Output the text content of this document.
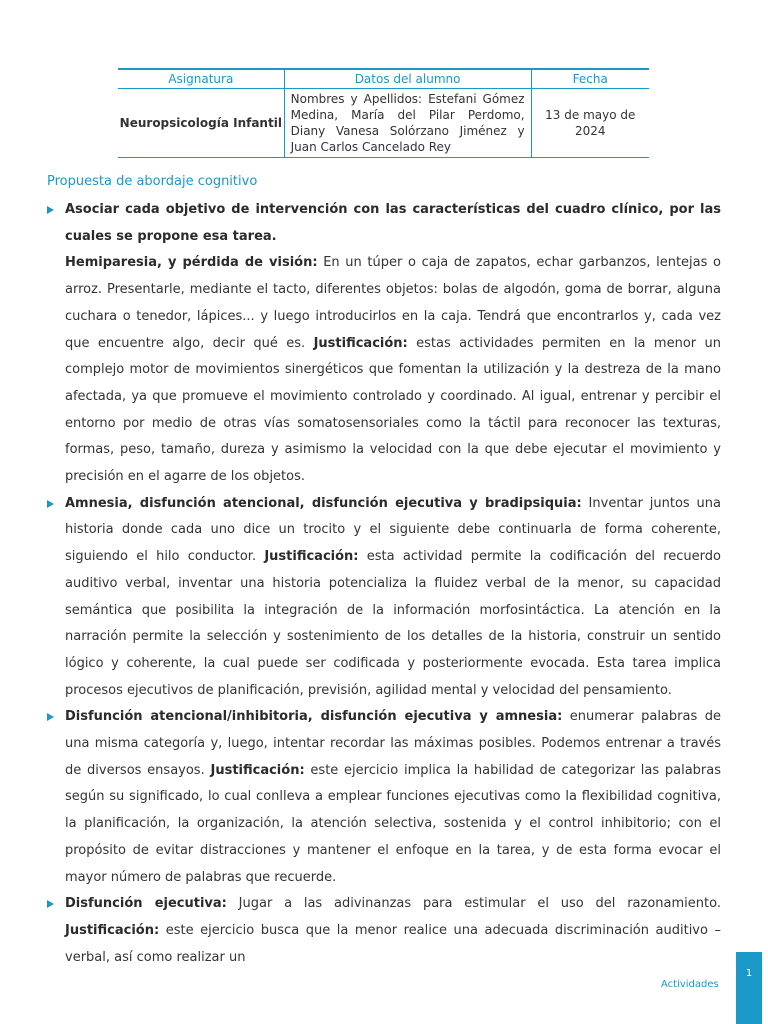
Asignatura	Datos del alumno	Fecha
Neuropsicología Infantil	Nombres y Apellidos: Estefani Gómez Medina, María del Pilar Perdomo, Diany Vanesa Solórzano Jiménez y Juan Carlos Cancelado Rey	13 de mayo de 2024
Propuesta de abordaje cognitivo

Asociar cada objetivo de intervención con las características del cuadro clínico, por las cuales se propone esa tarea.

Hemiparesia, y pérdida de visión: En un túper o caja de zapatos, echar garbanzos, lentejas o arroz. Presentarle, mediante el tacto, diferentes objetos: bolas de algodón, goma de borrar, alguna cuchara o tenedor, lápices... y luego introducirlos en la caja. Tendrá que encontrarlos y, cada vez que encuentre algo, decir qué es. Justificación: estas actividades permiten en la menor un complejo motor de movimientos sinergéticos que fomentan la utilización y la destreza de la mano afectada, ya que promueve el movimiento controlado y coordinado. Al igual, entrenar y percibir el entorno por medio de otras vías somatosensoriales como la táctil para reconocer las texturas, formas, peso, tamaño, dureza y asimismo la velocidad con la que debe ejecutar el movimiento y precisión en el agarre de los objetos.

Amnesia, disfunción atencional, disfunción ejecutiva y bradipsiquia: Inventar juntos una historia donde cada uno dice un trocito y el siguiente debe continuarla de forma coherente, siguiendo el hilo conductor. Justificación: esta actividad permite la codificación del recuerdo auditivo verbal, inventar una historia potencializa la fluidez verbal de la menor, su capacidad semántica que posibilita la integración de la información morfosintáctica. La atención en la narración permite la selección y sostenimiento de los detalles de la historia, construir un sentido lógico y coherente, la cual puede ser codificada y posteriormente evocada. Esta tarea implica procesos ejecutivos de planificación, previsión, agilidad mental y velocidad del pensamiento.

Disfunción atencional/inhibitoria, disfunción ejecutiva y amnesia: enumerar palabras de una misma categoría y, luego, intentar recordar las máximas posibles. Podemos entrenar a través de diversos ensayos. Justificación: este ejercicio implica la habilidad de categorizar las palabras según su significado, lo cual conlleva a emplear funciones ejecutivas como la flexibilidad cognitiva, la planificación, la organización, la atención selectiva, sostenida y el control inhibitorio; con el propósito de evitar distracciones y mantener el enfoque en la tarea, y de esta forma evocar el mayor número de palabras que recuerde.

Disfunción ejecutiva: Jugar a las adivinanzas para estimular el uso del razonamiento. Justificación: este ejercicio busca que la menor realice una adecuada discriminación auditivo – verbal, así como realizar un

Actividades
1
